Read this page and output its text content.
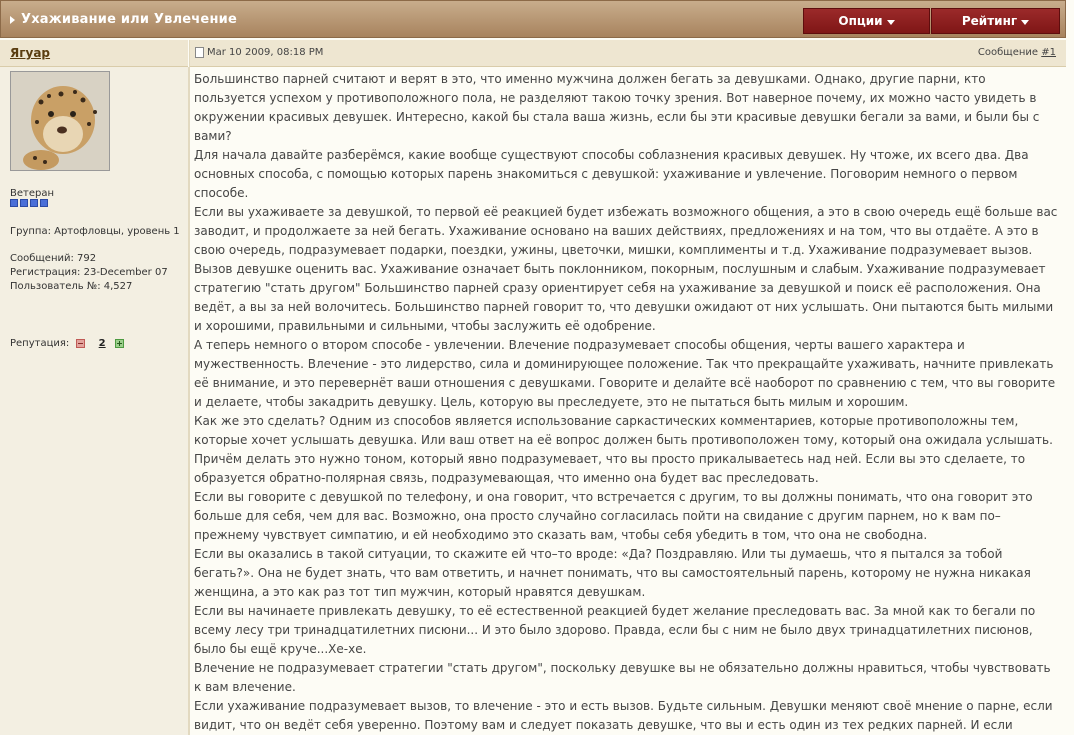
Ухаживание или Увлечение	Опции	Рейтинг
Ягуар	Mar 10 2009, 08:18 PM	Сообщение #1
Ветеран
Группа: Артофловцы, уровень 1
Сообщений: 792
Регистрация: 23-December 07
Пользователь №: 4,527
Репутация:	2

Большинство парней считают и верят в это, что именно мужчина должен бегать за девушками. Однако, другие парни, кто пользуется успехом у противоположного пола, не разделяют такою точку зрения. Вот наверное почему, их можно часто увидеть в окружении красивых девушек. Интересно, какой бы стала ваша жизнь, если бы эти красивые девушки бегали за вами, и были бы с вами?

Для начала давайте разберёмся, какие вообще существуют способы соблазнения красивых девушек. Ну чтоже, их всего два. Два основных способа, с помощью которых парень знакомиться с девушкой: ухаживание и увлечение. Поговорим немного о первом способе.

Если вы ухаживаете за девушкой, то первой её реакцией будет избежать возможного общения, а это в свою очередь ещё больше вас заводит, и продолжаете за ней бегать. Ухаживание основано на ваших действиях, предложениях и на том, что вы отдаёте. А это в свою очередь, подразумевает подарки, поездки, ужины, цветочки, мишки, комплименты и т.д. Ухаживание подразумевает вызов. Вызов девушке оценить вас. Ухаживание означает быть поклонником, покорным, послушным и слабым. Ухаживание подразумевает стратегию "стать другом" Большинство парней сразу ориентирует себя на ухаживание за девушкой и поиск её расположения. Она ведёт, а вы за ней волочитесь. Большинство парней говорит то, что девушки ожидают от них услышать. Они пытаются быть милыми и хорошими, правильными и сильными, чтобы заслужить её одобрение.

А теперь немного о втором способе - увлечении. Влечение подразумевает способы общения, черты вашего характера и мужественность. Влечение - это лидерство, сила и доминирующее положение. Так что прекращайте ухаживать, начните привлекать её внимание, и это перевернёт ваши отношения с девушками. Говорите и делайте всё наоборот по сравнению с тем, что вы говорите и делаете, чтобы закадрить девушку. Цель, которую вы преследуете, это не пытаться быть милым и хорошим.

Как же это сделать? Одним из способов является использование саркастических комментариев, которые противоположны тем, которые хочет услышать девушка. Или ваш ответ на её вопрос должен быть противоположен тому, который она ожидала услышать. Причём делать это нужно тоном, который явно подразумевает, что вы просто прикалываетесь над ней. Если вы это сделаете, то образуется обратно-полярная связь, подразумевающая, что именно она будет вас преследовать.

Если вы говорите с девушкой по телефону, и она говорит, что встречается с другим, то вы должны понимать, что она говорит это больше для себя, чем для вас. Возможно, она просто случайно согласилась пойти на свидание с другим парнем, но к вам по–прежнему чувствует симпатию, и ей необходимо это сказать вам, чтобы себя убедить в том, что она не свободна.

Если вы оказались в такой ситуации, то скажите ей что–то вроде: «Да? Поздравляю. Или ты думаешь, что я пытался за тобой бегать?». Она не будет знать, что вам ответить, и начнет понимать, что вы самостоятельный парень, которому не нужна никакая женщина, а это как раз тот тип мужчин, который нравятся девушкам.

Если вы начинаете привлекать девушку, то её естественной реакцией будет желание преследовать вас. За мной как то бегали по всему лесу три тринадцатилетних писюни... И это было здорово. Правда, если бы с ним не было двух тринадцатилетних писюнов, было бы ещё круче...Хе-хе.

Влечение не подразумевает стратегии "стать другом", поскольку девушке вы не обязательно должны нравиться, чтобы чувствовать к вам влечение.

Если ухаживание подразумевает вызов, то влечение - это и есть вызов. Будьте сильным. Девушки меняют своё мнение о парне, если видит, что он ведёт себя уверенно. Поэтому вам и следует показать девушке, что вы и есть один из тех редких парней. И если
